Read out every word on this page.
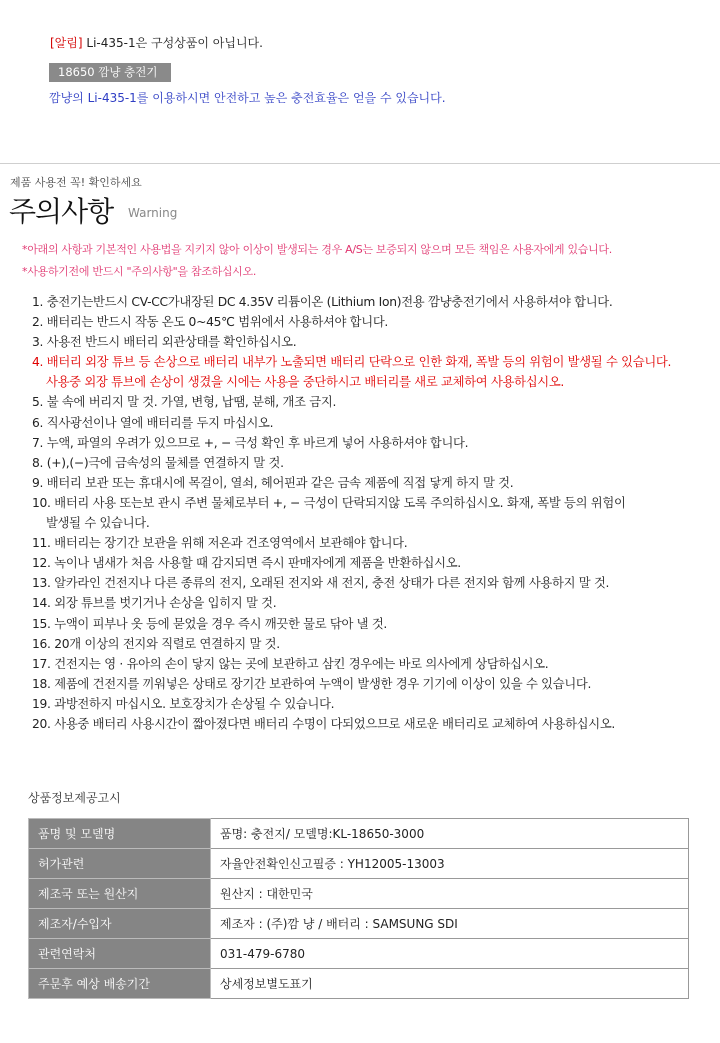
[알림] Li-435-1은 구성상품이 아닙니다.
18650 깜냥 충전기
깜냥의 Li-435-1를 이용하시면 안전하고 높은 충전효율은 얻을 수 있습니다.
제품 사용전 꼭! 확인하세요
주의사항 Warning
*아래의 사항과 기본적인 사용법을 지키지 않아 이상이 발생되는 경우 A/S는 보증되지 않으며 모든 책임은 사용자에게 있습니다.
*사용하기전에 반드시 "주의사항"을 참조하십시오.
1. 충전기는반드시 CV-CC가내장된 DC 4.35V 리튬이온 (Lithium Ion)전용 깜냥충전기에서 사용하셔야 합니다.
2. 배터리는 반드시 작동 온도 0~45℃ 범위에서 사용하셔야 합니다.
3. 사용전 반드시 배터리 외관상태를 확인하십시오.
4. 배터리 외장 튜브 등 손상으로 배터리 내부가 노출되면 배터리 단락으로 인한 화재, 폭발 등의 위험이 발생될 수 있습니다.
사용중 외장 튜브에 손상이 생겼을 시에는 사용을 중단하시고 배터리를 새로 교체하여 사용하십시오.
5. 불 속에 버리지 말 것. 가열, 변형, 납땜, 분해, 개조 금지.
6. 직사광선이나 열에 배터리를 두지 마십시오.
7. 누액, 파열의 우려가 있으므로 +, − 극성 확인 후 바르게 넣어 사용하셔야 합니다.
8. (+),(−)극에 금속성의 물체를 연결하지 말 것.
9. 배터리 보관 또는 휴대시에 목걸이, 열쇠, 헤어핀과 같은 금속 제품에 직접 닿게 하지 말 것.
10. 배터리 사용 또는보 관시 주변 물체로부터 +, − 극성이 단락되지않 도록 주의하십시오. 화재, 폭발 등의 위험이
발생될 수 있습니다.
11. 배터리는 장기간 보관을 위해 저온과 건조영역에서 보관해야 합니다.
12. 녹이나 냄새가 처음 사용할 때 감지되면 즉시 판매자에게 제품을 반환하십시오.
13. 알카라인 건전지나 다른 종류의 전지, 오래된 전지와 새 전지, 충전 상태가 다른 전지와 함께 사용하지 말 것.
14. 외장 튜브를 벗기거나 손상을 입히지 말 것.
15. 누액이 피부나 옷 등에 묻었을 경우 즉시 깨끗한 물로 닦아 낼 것.
16. 20개 이상의 전지와 직렬로 연결하지 말 것.
17. 건전지는 영 · 유아의 손이 닿지 않는 곳에 보관하고 삼킨 경우에는 바로 의사에게 상담하십시오.
18. 제품에 건전지를 끼워넣은 상태로 장기간 보관하여 누액이 발생한 경우 기기에 이상이 있을 수 있습니다.
19. 과방전하지 마십시오. 보호장치가 손상될 수 있습니다.
20. 사용중 배터리 사용시간이 짧아졌다면 배터리 수명이 다되었으므로 새로운 배터리로 교체하여 사용하십시오.
상품정보제공고시
품명 및 모델명	품명: 충전지/ 모델명:KL-18650-3000
허가관련	자율안전확인신고필증 : YH12005-13003
제조국 또는 원산지	원산지 : 대한민국
제조자/수입자	제조자 : (주)깜 냥 / 배터리 : SAMSUNG SDI
관련연락처	031-479-6780
주문후 예상 배송기간	상세정보별도표기
